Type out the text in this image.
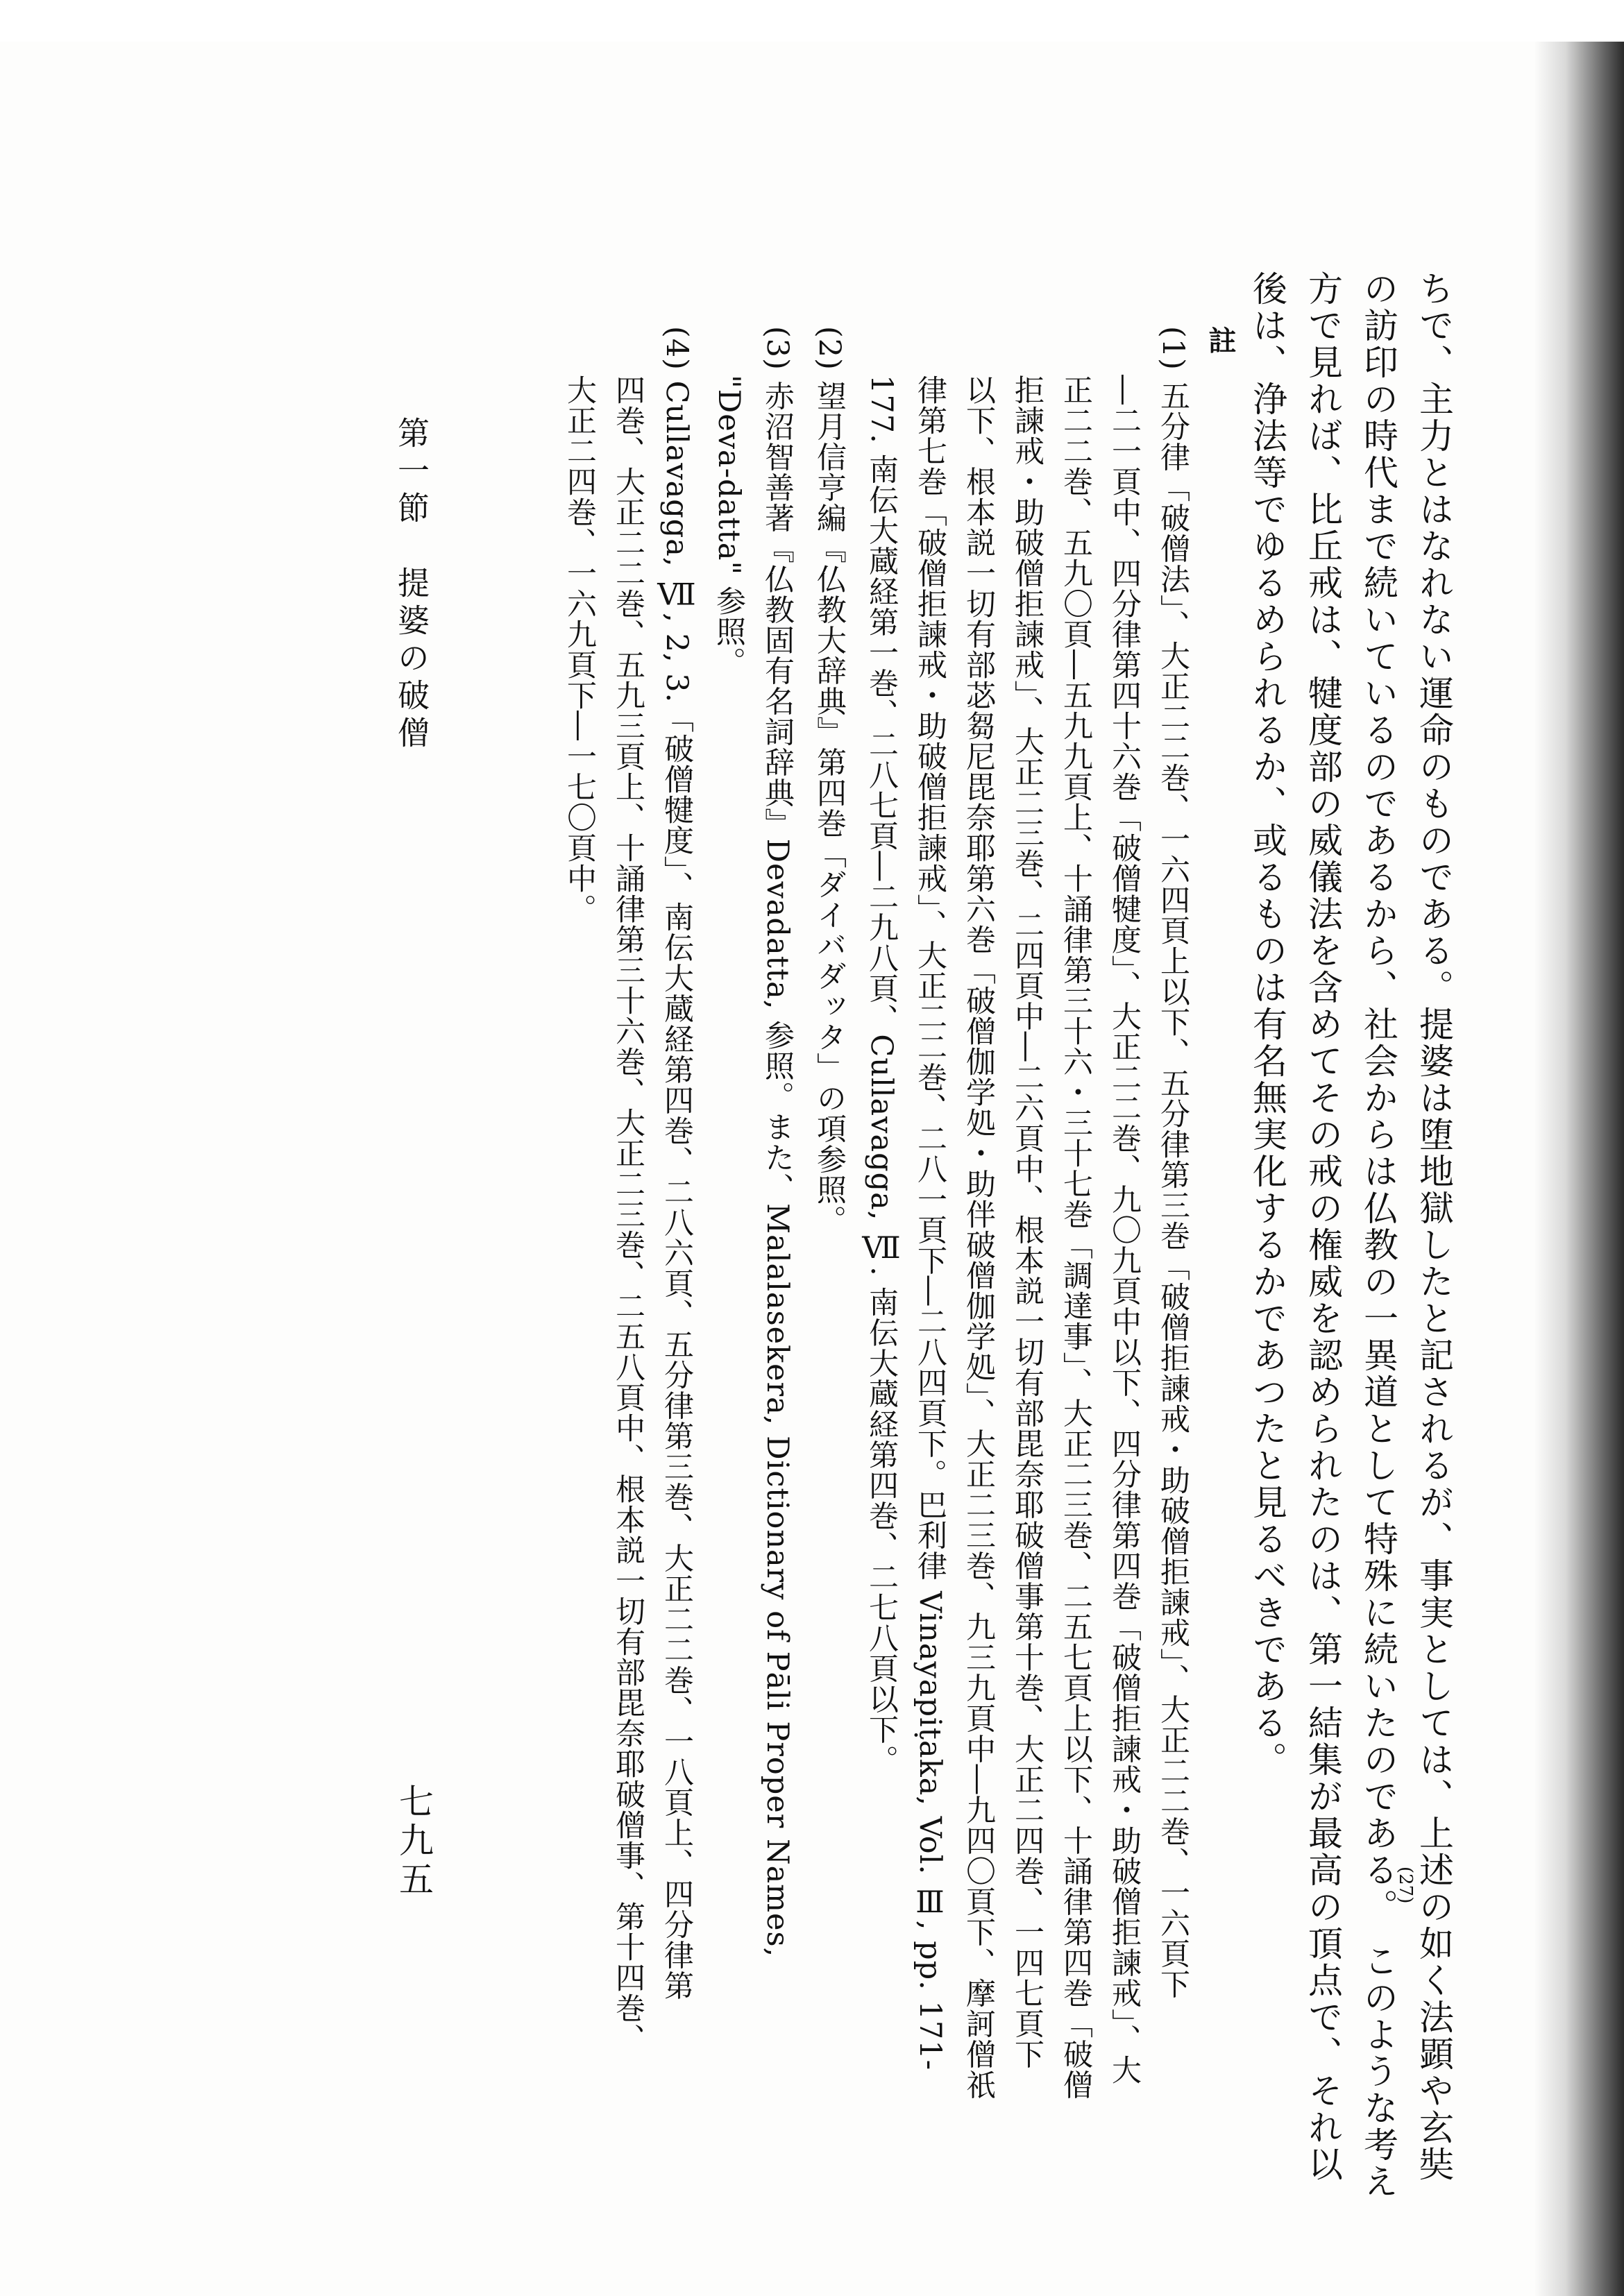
ちで、主力とはなれない運命のものである。提婆は堕地獄したと記されるが、事実としては、上述の如く法顕や玄奘
の訪印の時代まで続いているのであるから、社会からは仏教の一異道として特殊に続いたのである。
(27)
このような考え
方で見れば、比丘戒は、犍度部の威儀法を含めてその戒の権威を認められたのは、第一結集が最高の頂点で、それ以
後は、浄法等でゆるめられるか、或るものは有名無実化するかであつたと見るべきである。
註
(1) 五分律「破僧法」、大正二二巻、一六四頁上以下、五分律第三巻「破僧拒諫戒・助破僧拒諫戒」、大正二二巻、一六頁下
―二一頁中、四分律第四十六巻「破僧犍度」、大正二二巻、九〇九頁中以下、四分律第四巻「破僧拒諫戒・助破僧拒諫戒」、大
正二二巻、五九〇頁―五九九頁上、十誦律第三十六・三十七巻「調達事」、大正二三巻、二五七頁上以下、十誦律第四巻「破僧
拒諫戒・助破僧拒諫戒」、大正二三巻、二四頁中―二六頁中、根本説一切有部毘奈耶破僧事第十巻、大正二四巻、一四七頁下
以下、根本説一切有部苾芻尼毘奈耶第六巻「破僧伽学処・助伴破僧伽学処」、大正二三巻、九三九頁中―九四〇頁下、摩訶僧祇
律第七巻「破僧拒諫戒・助破僧拒諫戒」、大正二二巻、二八一頁下―二八四頁下。巴利律 Vinayapiṭaka, Vol. Ⅲ, pp. 171-
177. 南伝大蔵経第一巻、二八七頁―二九八頁、Cullavagga, Ⅶ. 南伝大蔵経第四巻、二七八頁以下。
(2) 望月信亨編『仏教大辞典』第四巻「ダイバダッタ」の項参照。
(3) 赤沼智善著『仏教固有名詞辞典』Devadatta, 参照。また、Malalasekera, Dictionary of Pāli Proper Names,
"Deva-datta" 参照。
(4) Cullavagga, Ⅶ, 2, 3.「破僧犍度」、南伝大蔵経第四巻、二八六頁、五分律第三巻、大正二二巻、一八頁上、四分律第
四巻、大正二二巻、五九三頁上、十誦律第三十六巻、大正二三巻、二五八頁中、根本説一切有部毘奈耶破僧事、第十四巻、
大正二四巻、一六九頁下―一七〇頁中。
第一節　提婆の破僧
七九五
